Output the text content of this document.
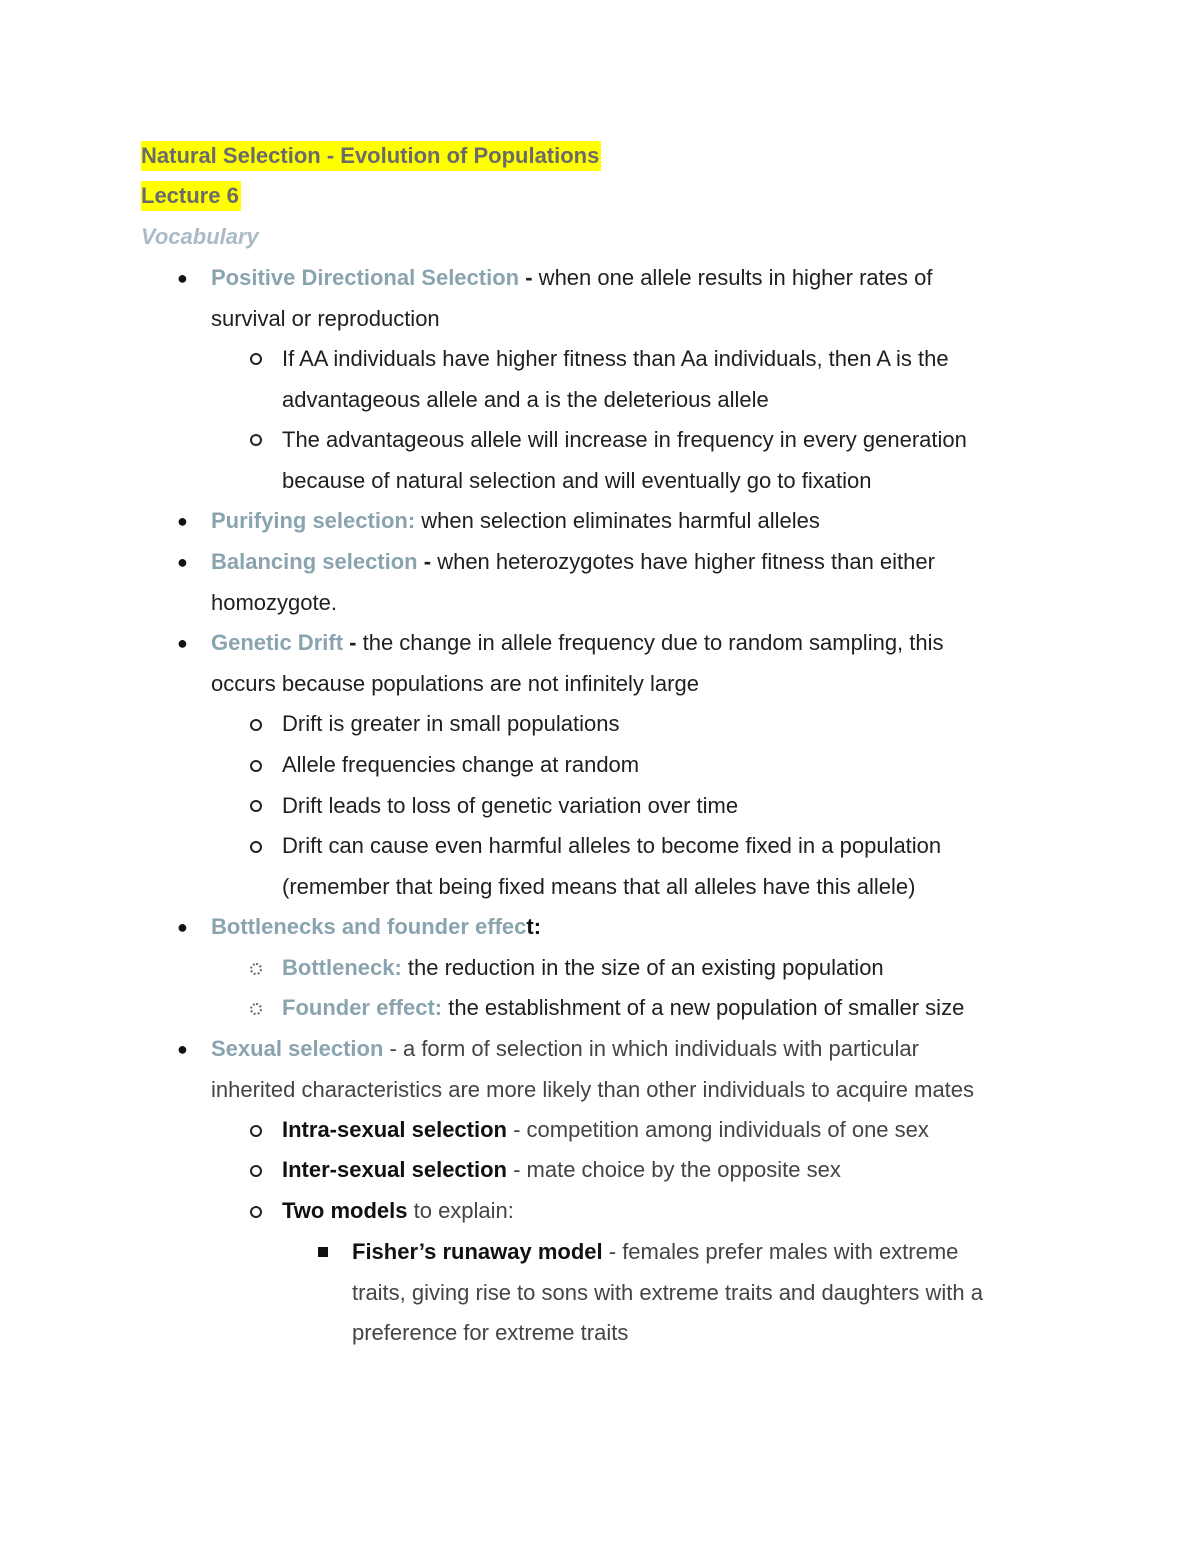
Natural Selection - Evolution of Populations
Lecture 6
Vocabulary
● Positive Directional Selection - when one allele results in higher rates of
survival or reproduction
If AA individuals have higher fitness than Aa individuals, then A is the
advantageous allele and a is the deleterious allele
The advantageous allele will increase in frequency in every generation
because of natural selection and will eventually go to fixation
● Purifying selection: when selection eliminates harmful alleles
● Balancing selection - when heterozygotes have higher fitness than either
homozygote.
● Genetic Drift - the change in allele frequency due to random sampling, this
occurs because populations are not infinitely large
Drift is greater in small populations
Allele frequencies change at random
Drift leads to loss of genetic variation over time
Drift can cause even harmful alleles to become fixed in a population
(remember that being fixed means that all alleles have this allele)
● Bottlenecks and founder effect:
Bottleneck: the reduction in the size of an existing population
Founder effect: the establishment of a new population of smaller size
● Sexual selection - a form of selection in which individuals with particular
inherited characteristics are more likely than other individuals to acquire mates
Intra-sexual selection - competition among individuals of one sex
Inter-sexual selection - mate choice by the opposite sex
Two models to explain:
Fisher’s runaway model - females prefer males with extreme
traits, giving rise to sons with extreme traits and daughters with a
preference for extreme traits
